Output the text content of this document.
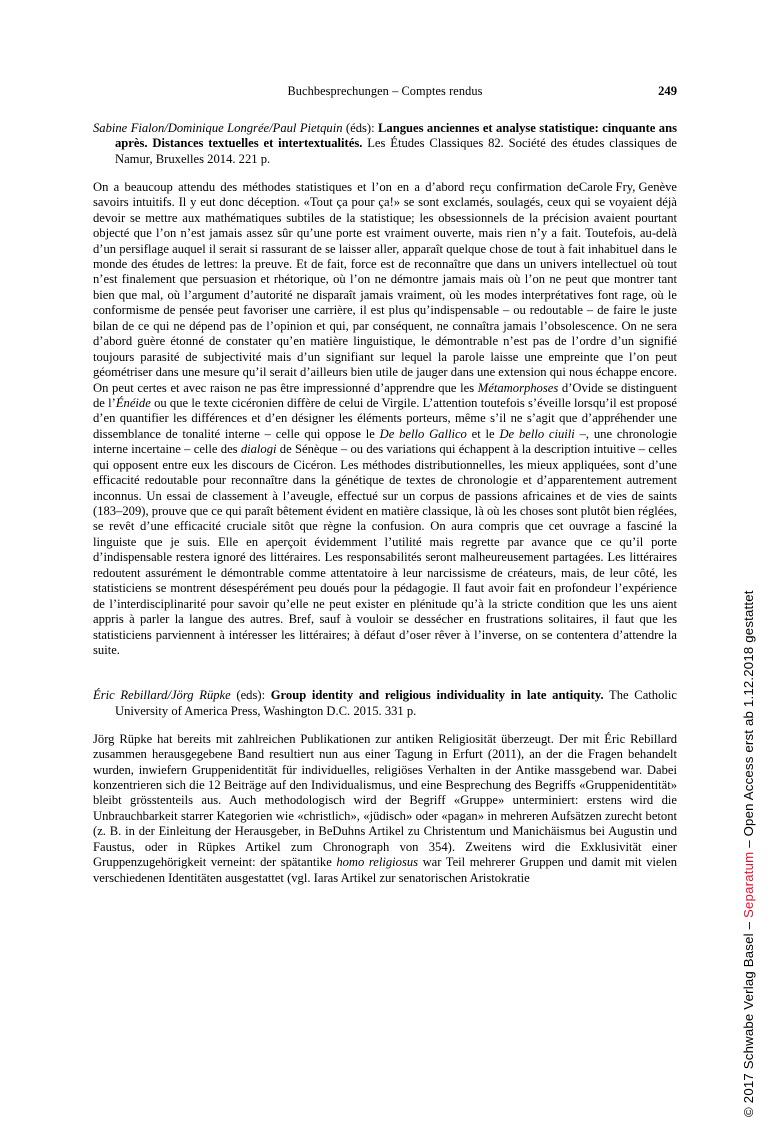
Buchbesprechungen – Comptes rendus	249

Sabine Fialon/Dominique Longrée/Paul Pietquin (éds): Langues anciennes et analyse statistique: cinquante ans après. Distances textuelles et intertextualités. Les Études Classiques 82. Société des études classiques de Namur, Bruxelles 2014. 221 p.

Carole Fry, Genève
On a beaucoup attendu des méthodes statistiques et l’on en a d’abord reçu confirmation de savoirs intuitifs. Il y eut donc déception. «Tout ça pour ça!» se sont exclamés, soulagés, ceux qui se voyaient déjà devoir se mettre aux mathématiques subtiles de la statistique; les obsessionnels de la précision avaient pourtant objecté que l’on n’est jamais assez sûr qu’une porte est vraiment ouverte, mais rien n’y a fait. Toutefois, au-delà d’un persiflage auquel il serait si rassurant de se laisser aller, apparaît quelque chose de tout à fait inhabituel dans le monde des études de lettres: la preuve. Et de fait, force est de reconnaître que dans un univers intellectuel où tout n’est finalement que persuasion et rhétorique, où l’on ne démontre jamais mais où l’on ne peut que montrer tant bien que mal, où l’argument d’autorité ne disparaît jamais vraiment, où les modes interprétatives font rage, où le conformisme de pensée peut favoriser une carrière, il est plus qu’indispensable – ou redoutable – de faire le juste bilan de ce qui ne dépend pas de l’opinion et qui, par conséquent, ne connaîtra jamais l’obsolescence. On ne sera d’abord guère étonné de constater qu’en matière linguistique, le démontrable n’est pas de l’ordre d’un signifié toujours parasité de subjectivité mais d’un signifiant sur lequel la parole laisse une empreinte que l’on peut géométriser dans une mesure qu’il serait d’ailleurs bien utile de jauger dans une extension qui nous échappe encore. On peut certes et avec raison ne pas être impressionné d’apprendre que les Métamorphoses d’Ovide se distinguent de l’Énéide ou que le texte cicéronien diffère de celui de Virgile. L’attention toutefois s’éveille lorsqu’il est proposé d’en quantifier les différences et d’en désigner les éléments porteurs, même s’il ne s’agit que d’appréhender une dissemblance de tonalité interne – celle qui oppose le De bello Gallico et le De bello ciuili –, une chronologie interne incertaine – celle des dialogi de Sénèque – ou des variations qui échappent à la description intuitive – celles qui opposent entre eux les discours de Cicéron. Les méthodes distributionnelles, les mieux appliquées, sont d’une efficacité redoutable pour reconnaître dans la génétique de textes de chronologie et d’apparentement autrement inconnus. Un essai de classement à l’aveugle, effectué sur un corpus de passions africaines et de vies de saints (183–209), prouve que ce qui paraît bêtement évident en matière classique, là où les choses sont plutôt bien réglées, se revêt d’une efficacité cruciale sitôt que règne la confusion. On aura compris que cet ouvrage a fasciné la linguiste que je suis. Elle en aperçoit évidemment l’utilité mais regrette par avance que ce qu’il porte d’indispensable restera ignoré des littéraires. Les responsabilités seront malheureusement partagées. Les littéraires redoutent assurément le démontrable comme attentatoire à leur narcissisme de créateurs, mais, de leur côté, les statisticiens se montrent désespérément peu doués pour la pédagogie. Il faut avoir fait en profondeur l’expérience de l’interdisciplinarité pour savoir qu’elle ne peut exister en plénitude qu’à la stricte condition que les uns aient appris à parler la langue des autres. Bref, sauf à vouloir se dessécher en frustrations solitaires, il faut que les statisticiens parviennent à intéresser les littéraires; à défaut d’oser rêver à l’inverse, on se contentera d’attendre la suite.

Éric Rebillard/Jörg Rüpke (eds): Group identity and religious individuality in late antiquity. The Catholic University of America Press, Washington D.C. 2015. 331 p.

Jörg Rüpke hat bereits mit zahlreichen Publikationen zur antiken Religiosität überzeugt. Der mit Éric Rebillard zusammen herausgegebene Band resultiert nun aus einer Tagung in Erfurt (2011), an der die Fragen behandelt wurden, inwiefern Gruppenidentität für individuelles, religiöses Verhalten in der Antike massgebend war. Dabei konzentrieren sich die 12 Beiträge auf den Individualismus, und eine Besprechung des Begriffs «Gruppenidentität» bleibt grösstenteils aus. Auch methodologisch wird der Begriff «Gruppe» unterminiert: erstens wird die Unbrauchbarkeit starrer Kategorien wie «christlich», «jüdisch» oder «pagan» in mehreren Aufsätzen zurecht betont (z. B. in der Einleitung der Herausgeber, in BeDuhns Artikel zu Christentum und Manichäismus bei Augustin und Faustus, oder in Rüpkes Artikel zum Chronograph von 354). Zweitens wird die Exklusivität einer Gruppenzugehörigkeit verneint: der spätantike homo religiosus war Teil mehrerer Gruppen und damit mit vielen verschiedenen Identitäten ausgestattet (vgl. Iaras Artikel zur senatorischen Aristokratie

© 2017 Schwabe Verlag Basel – Separatum – Open Access erst ab 1.12.2018 gestattet
